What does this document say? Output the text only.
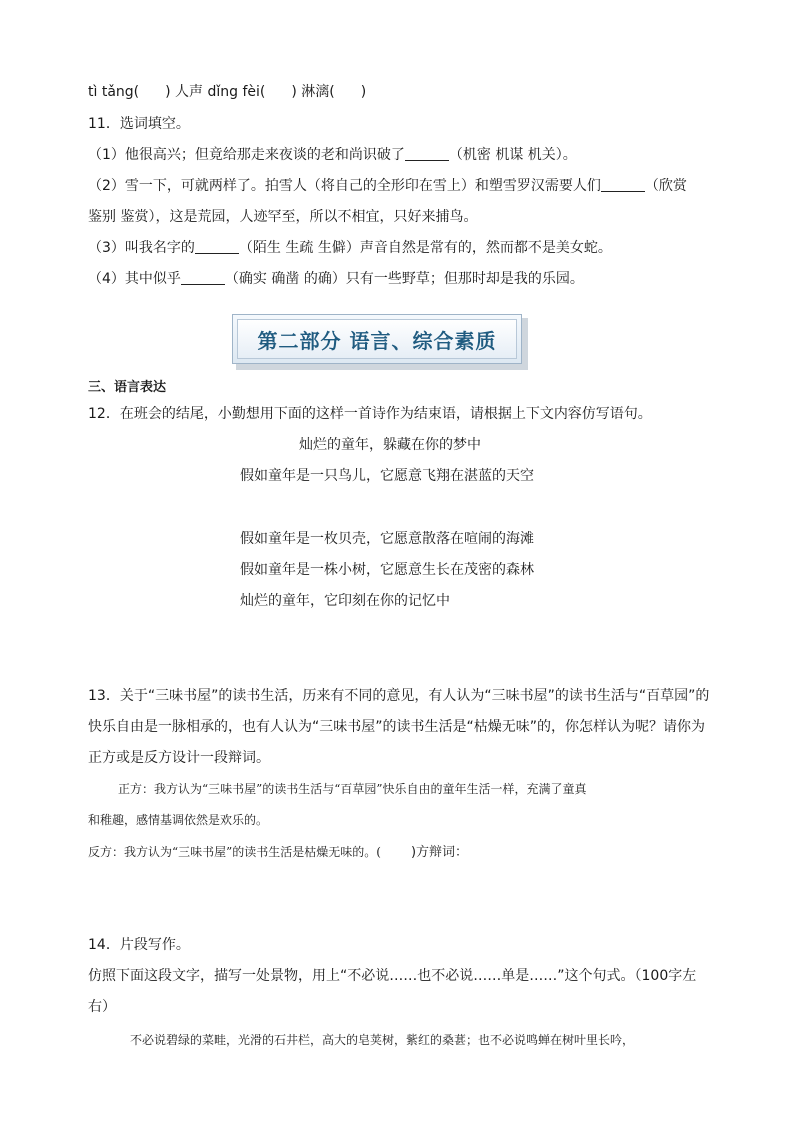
tì tǎng( ) 人声 dǐng fèi( ) 淋漓( )
11．选词填空。
（1）他很高兴；但竟给那走来夜谈的老和尚识破了	（机密 机谋 机关）。
（2）雪一下，可就两样了。拍雪人（将自己的全形印在雪上）和塑雪罗汉需要人们	（欣赏
鉴别 鉴赏），这是荒园，人迹罕至，所以不相宜，只好来捕鸟。
（3）叫我名字的	（陌生 生疏 生僻）声音自然是常有的，然而都不是美女蛇。
（4）其中似乎	（确实 确凿 的确）只有一些野草；但那时却是我的乐园。
第二部分 语言、综合素质
三、语言表达
12．在班会的结尾，小勤想用下面的这样一首诗作为结束语，请根据上下文内容仿写语句。
灿烂的童年，躲藏在你的梦中
假如童年是一只鸟儿，它愿意飞翔在湛蓝的天空
假如童年是一枚贝壳，它愿意散落在喧闹的海滩
假如童年是一株小树，它愿意生长在茂密的森林
灿烂的童年，它印刻在你的记忆中
13．关于“三味书屋”的读书生活，历来有不同的意见，有人认为“三味书屋”的读书生活与“百草园”的
快乐自由是一脉相承的，也有人认为“三味书屋”的读书生活是“枯燥无味”的，你怎样认为呢？请你为
正方或是反方设计一段辩词。
正方：我方认为“三味书屋”的读书生活与“百草园”快乐自由的童年生活一样，充满了童真
和稚趣，感情基调依然是欢乐的。
反方：我方认为“三味书屋”的读书生活是枯燥无味的。( )方辩词：
14．片段写作。
仿照下面这段文字，描写一处景物，用上“不必说……也不必说……单是……”这个句式。（100字左
右）
不必说碧绿的菜畦，光滑的石井栏，高大的皂荚树，紫红的桑葚；也不必说鸣蝉在树叶里长吟，
